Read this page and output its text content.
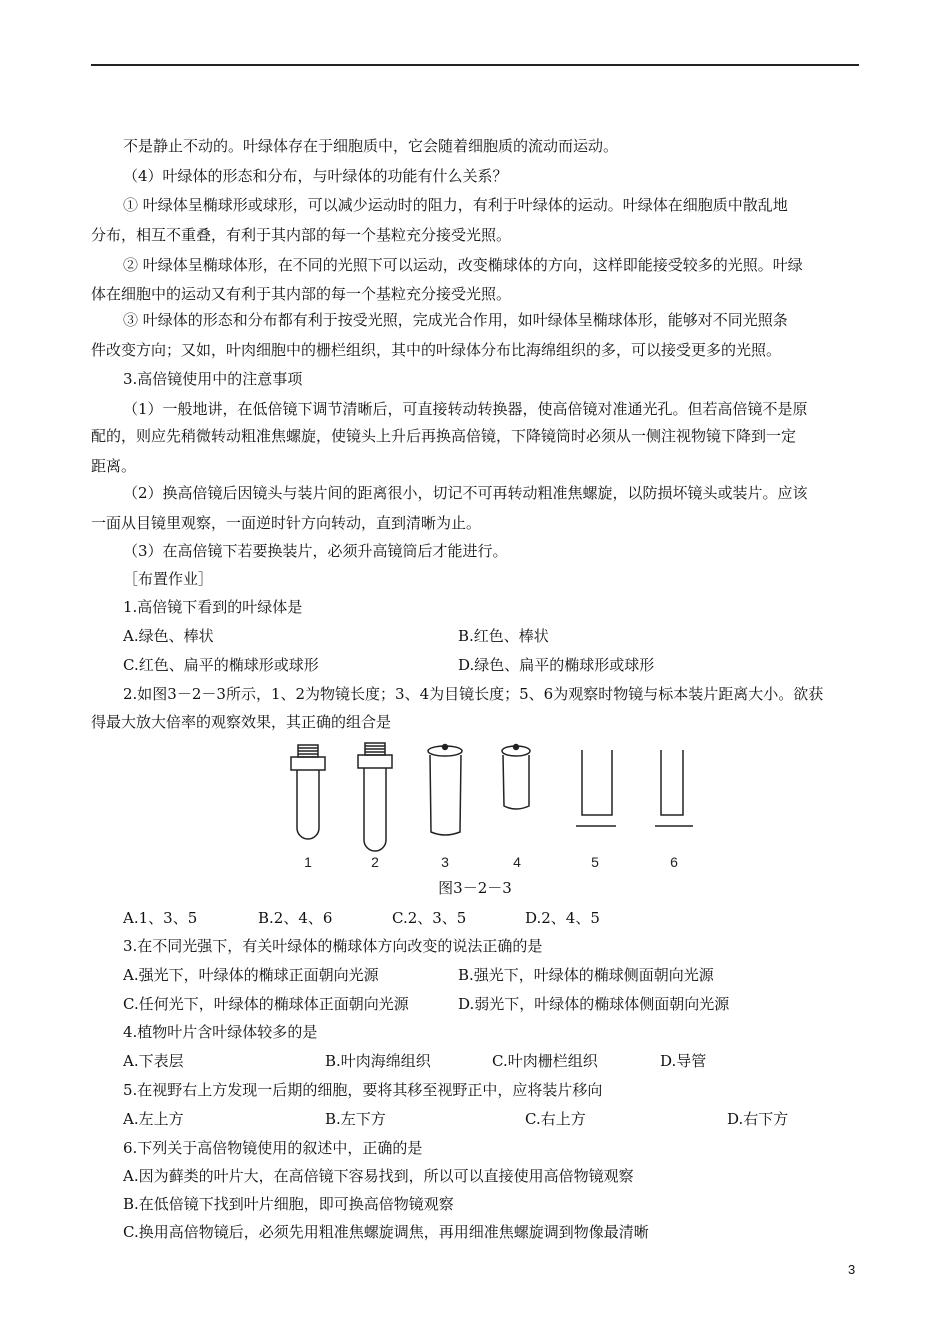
不是静止不动的。叶绿体存在于细胞质中，它会随着细胞质的流动而运动。
（4）叶绿体的形态和分布，与叶绿体的功能有什么关系？
① 叶绿体呈椭球形或球形，可以减少运动时的阻力，有利于叶绿体的运动。叶绿体在细胞质中散乱地
分布，相互不重叠，有利于其内部的每一个基粒充分接受光照。
② 叶绿体呈椭球体形，在不同的光照下可以运动，改变椭球体的方向，这样即能接受较多的光照。叶绿
体在细胞中的运动又有利于其内部的每一个基粒充分接受光照。
③ 叶绿体的形态和分布都有利于按受光照，完成光合作用，如叶绿体呈椭球体形，能够对不同光照条
件改变方向；又如，叶肉细胞中的栅栏组织，其中的叶绿体分布比海绵组织的多，可以接受更多的光照。
3.高倍镜使用中的注意事项
（1）一般地讲，在低倍镜下调节清晰后，可直接转动转换器，使高倍镜对准通光孔。但若高倍镜不是原
配的，则应先稍微转动粗准焦螺旋，使镜头上升后再换高倍镜，下降镜筒时必须从一侧注视物镜下降到一定
距离。
（2）换高倍镜后因镜头与装片间的距离很小，切记不可再转动粗准焦螺旋，以防损坏镜头或装片。应该
一面从目镜里观察，一面逆时针方向转动，直到清晰为止。
（3）在高倍镜下若要换装片，必须升高镜筒后才能进行。
［布置作业］
1.高倍镜下看到的叶绿体是
A.绿色、棒状	B.红色、棒状
C.红色、扁平的椭球形或球形	D.绿色、扁平的椭球形或球形
2.如图3－2－3所示，1、2为物镜长度；3、4为目镜长度；5、6为观察时物镜与标本装片距离大小。欲获
得最大放大倍率的观察效果，其正确的组合是
1	2	3	4	5	6
图3－2－3
A.1、3、5	B.2、4、6	C.2、3、5	D.2、4、5
3.在不同光强下，有关叶绿体的椭球体方向改变的说法正确的是
A.强光下，叶绿体的椭球正面朝向光源	B.强光下，叶绿体的椭球侧面朝向光源
C.任何光下，叶绿体的椭球体正面朝向光源	D.弱光下，叶绿体的椭球体侧面朝向光源
4.植物叶片含叶绿体较多的是
A.下表层	B.叶肉海绵组织	C.叶肉栅栏组织	D.导管
5.在视野右上方发现一后期的细胞，要将其移至视野正中，应将装片移向
A.左上方	B.左下方	C.右上方	D.右下方
6.下列关于高倍物镜使用的叙述中，正确的是
A.因为藓类的叶片大，在高倍镜下容易找到，所以可以直接使用高倍物镜观察
B.在低倍镜下找到叶片细胞，即可换高倍物镜观察
C.换用高倍物镜后，必须先用粗准焦螺旋调焦，再用细准焦螺旋调到物像最清晰
3
